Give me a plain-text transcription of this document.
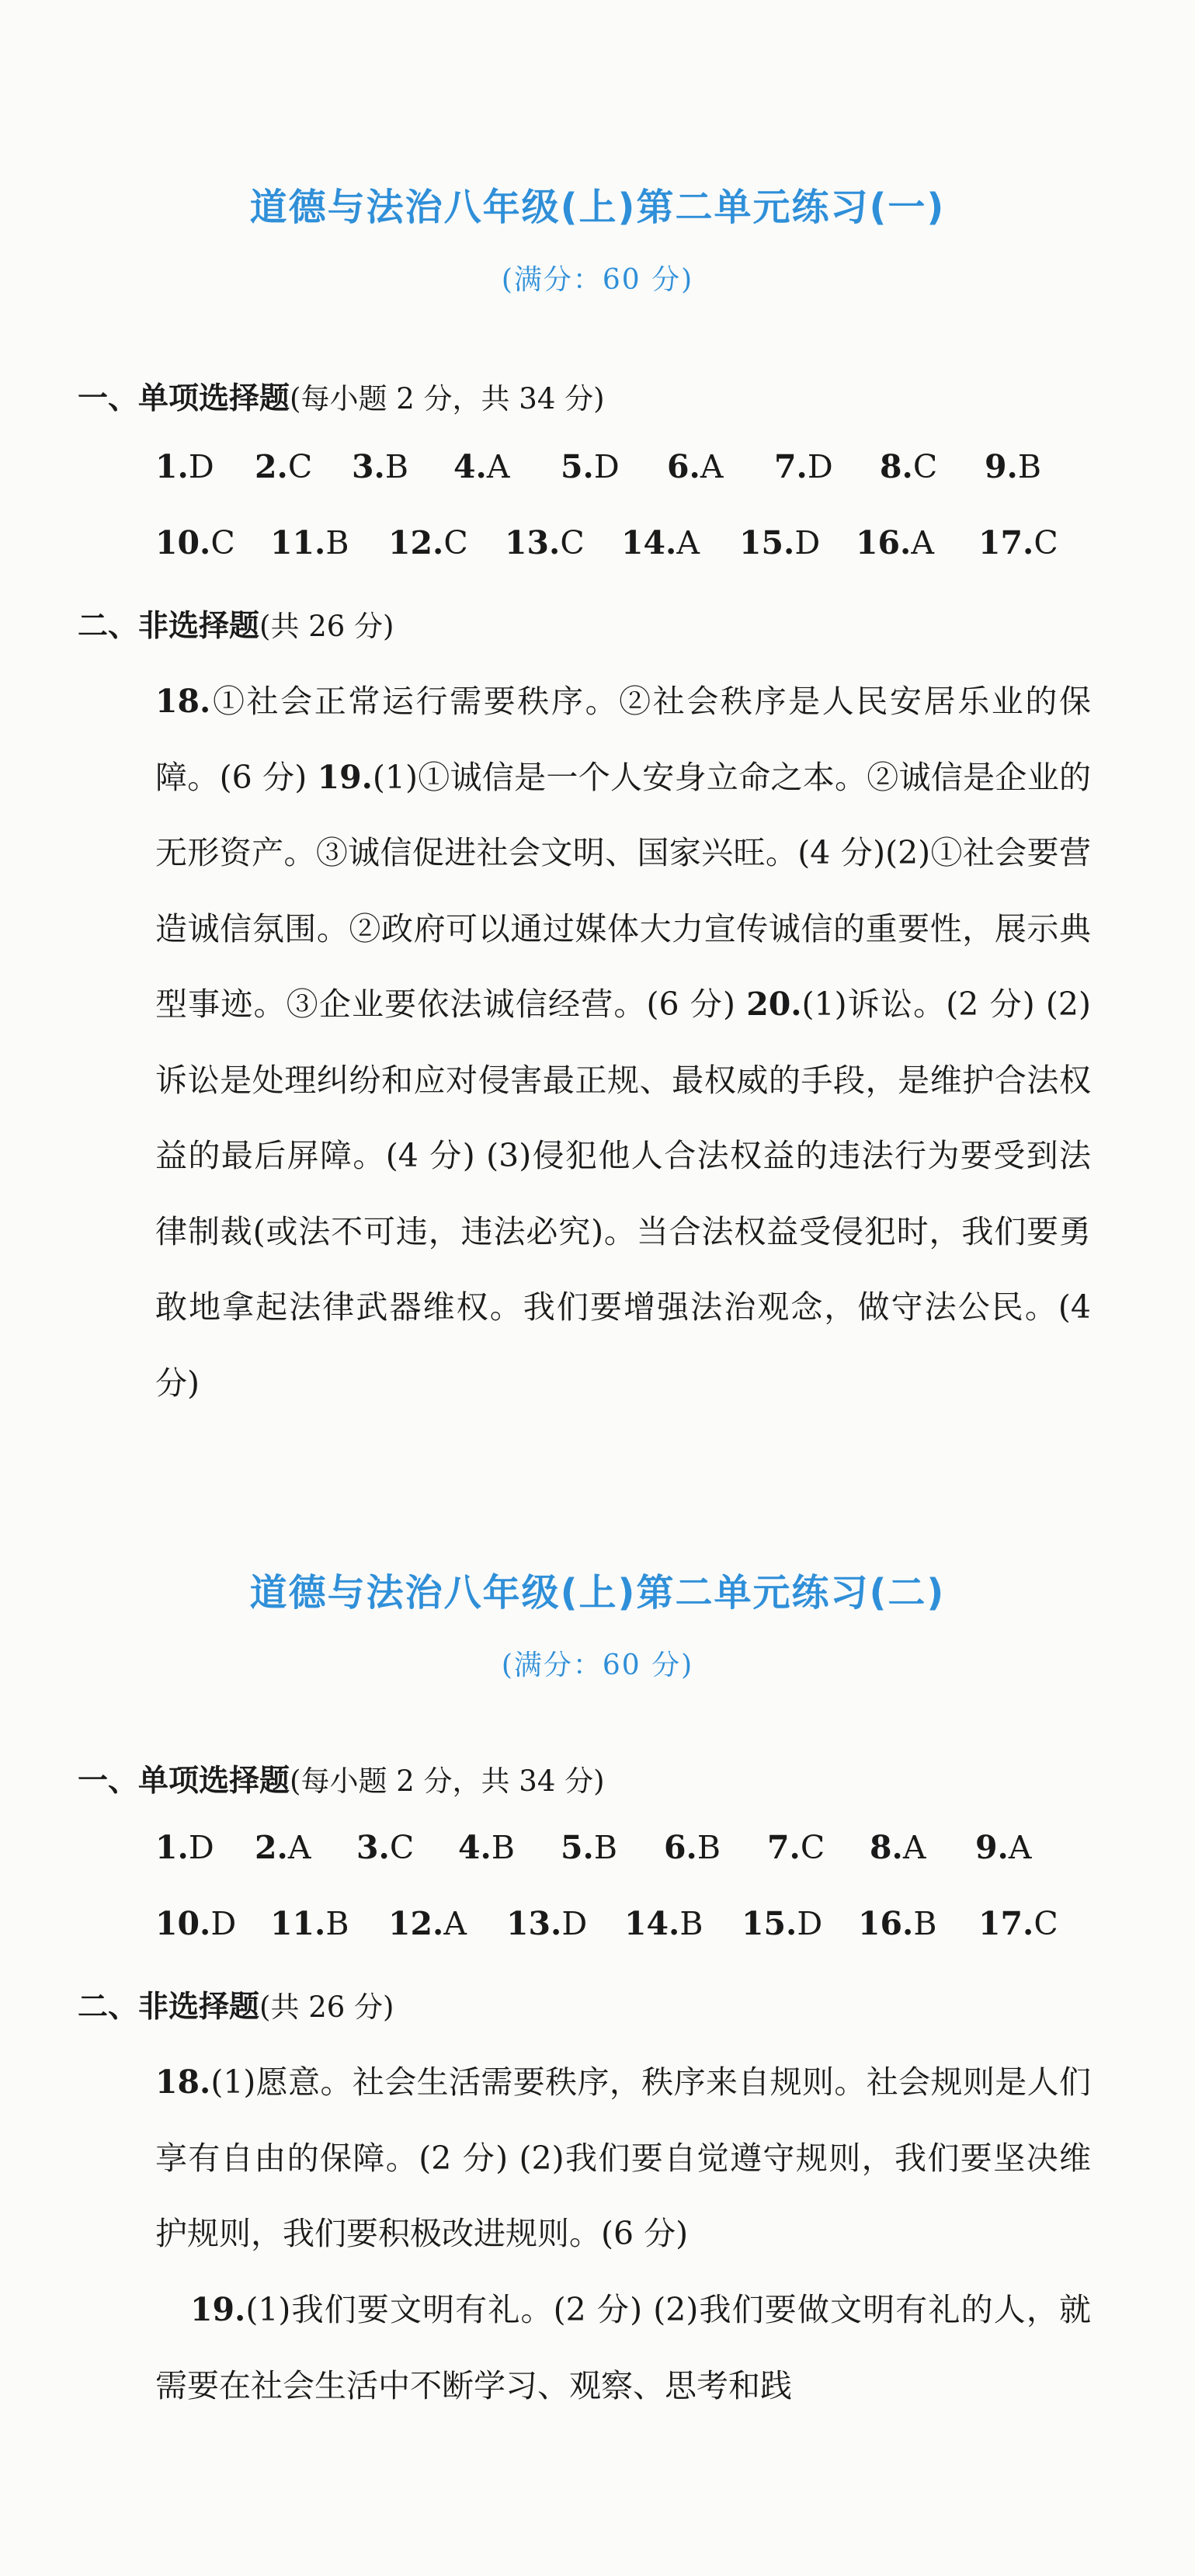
道德与法治八年级(上)第二单元练习(一)
(满分：60 分)
一、单项选择题(每小题 2 分，共 34 分)
1.D 2.C 3.B 4.A 5.D 6.A 7.D 8.C 9.B
10.C 11.B 12.C 13.C 14.A 15.D 16.A 17.C
二、非选择题(共 26 分)
18.①社会正常运行需要秩序。②社会秩序是人民安居乐业的保障。(6 分) 19.(1)①诚信是一个人安身立命之本。②诚信是企业的无形资产。③诚信促进社会文明、国家兴旺。(4 分)(2)①社会要营造诚信氛围。②政府可以通过媒体大力宣传诚信的重要性，展示典型事迹。③企业要依法诚信经营。(6 分) 20.(1)诉讼。(2 分) (2)诉讼是处理纠纷和应对侵害最正规、最权威的手段，是维护合法权益的最后屏障。(4 分) (3)侵犯他人合法权益的违法行为要受到法律制裁(或法不可违，违法必究)。当合法权益受侵犯时，我们要勇敢地拿起法律武器维权。我们要增强法治观念，做守法公民。(4 分)
道德与法治八年级(上)第二单元练习(二)
(满分：60 分)
一、单项选择题(每小题 2 分，共 34 分)
1.D 2.A 3.C 4.B 5.B 6.B 7.C 8.A 9.A
10.D 11.B 12.A 13.D 14.B 15.D 16.B 17.C
二、非选择题(共 26 分)
18.(1)愿意。社会生活需要秩序，秩序来自规则。社会规则是人们享有自由的保障。(2 分) (2)我们要自觉遵守规则，我们要坚决维护规则，我们要积极改进规则。(6 分)
19.(1)我们要文明有礼。(2 分) (2)我们要做文明有礼的人，就需要在社会生活中不断学习、观察、思考和践
